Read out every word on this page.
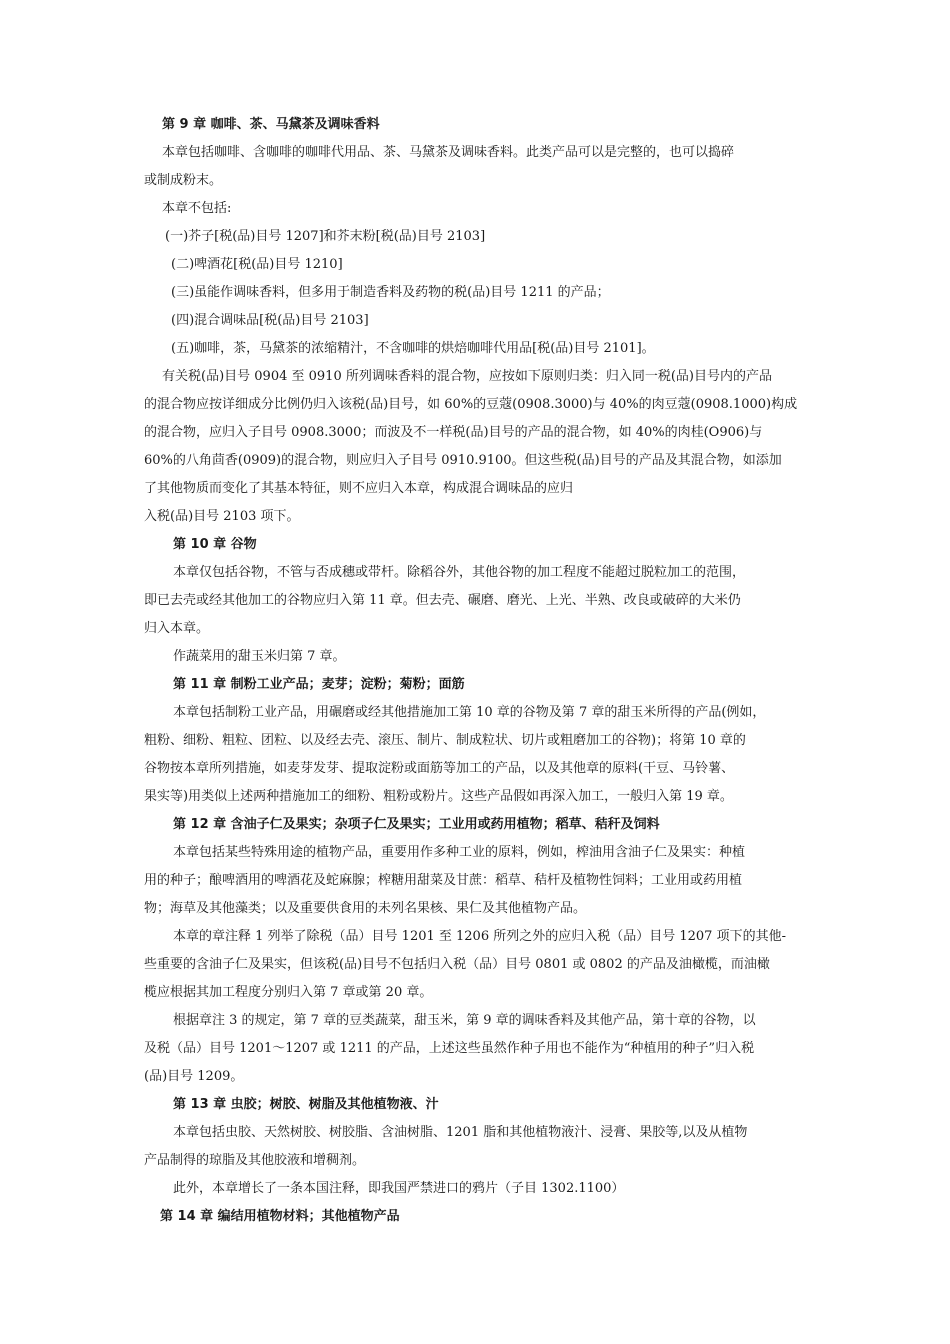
第 9 章 咖啡、茶、马黛茶及调味香料
本章包括咖啡、含咖啡的咖啡代用品、茶、马黛茶及调味香料。此类产品可以是完整的，也可以捣碎
或制成粉末。
本章不包括:
(一)芥子[税(品)目号 1207]和芥末粉[税(品)目号 2103]
(二)啤酒花[税(品)目号 1210]
(三)虽能作调味香料，但多用于制造香料及药物的税(品)目号 1211 的产品；
(四)混合调味品[税(品)目号 2103]
(五)咖啡，茶，马黛茶的浓缩精汁，不含咖啡的烘焙咖啡代用品[税(品)目号 2101]。
有关税(品)目号 0904 至 0910 所列调味香料的混合物，应按如下原则归类：归入同一税(品)目号内的产品
的混合物应按详细成分比例仍归入该税(品)目号，如 60%的豆蔻(0908.3000)与 40%的肉豆蔻(0908.1000)构成
的混合物，应归入子目号 0908.3000；而波及不一样税(品)目号的产品的混合物，如 40%的肉桂(O906)与
60%的八角茴香(0909)的混合物，则应归入子目号 0910.9100。但这些税(品)目号的产品及其混合物，如添加
了其他物质而变化了其基本特征，则不应归入本章，构成混合调味品的应归
入税(品)目号 2103 项下。
第 10 章 谷物
本章仅包括谷物，不管与否成穗或带杆。除稻谷外，其他谷物的加工程度不能超过脱粒加工的范围，
即已去壳或经其他加工的谷物应归入第 11 章。但去壳、碾磨、磨光、上光、半熟、改良或破碎的大米仍
归入本章。
作蔬菜用的甜玉米归第 7 章。
第 11 章 制粉工业产品；麦芽；淀粉；菊粉；面筋
本章包括制粉工业产品，用碾磨或经其他措施加工第 10 章的谷物及第 7 章的甜玉米所得的产品(例如，
粗粉、细粉、粗粒、团粒、以及经去壳、滚压、制片、制成粒状、切片或粗磨加工的谷物)；将第 10 章的
谷物按本章所列措施，如麦芽发芽、提取淀粉或面筋等加工的产品，以及其他章的原料(干豆、马铃薯、
果实等)用类似上述两种措施加工的细粉、粗粉或粉片。这些产品假如再深入加工，一般归入第 19 章。
第 12 章 含油子仁及果实；杂项子仁及果实；工业用或药用植物；稻草、秸秆及饲料
本章包括某些特殊用途的植物产品，重要用作多种工业的原料，例如，榨油用含油子仁及果实：种植
用的种子；酿啤酒用的啤酒花及蛇麻腺；榨糖用甜菜及甘蔗：稻草、秸杆及植物性饲料；工业用或药用植
物；海草及其他藻类；以及重要供食用的未列名果核、果仁及其他植物产品。
本章的章注释 1 列举了除税（品）目号 1201 至 1206 所列之外的应归入税（品）目号 1207 项下的其他-
些重要的含油子仁及果实，但该税(品)目号不包括归入税（品）目号 0801 或 0802 的产品及油橄榄，而油橄
榄应根据其加工程度分别归入第 7 章或第 20 章。
根据章注 3 的规定，第 7 章的豆类蔬菜，甜玉米，第 9 章的调味香料及其他产品，第十章的谷物，以
及税（品）目号 1201～1207 或 1211 的产品，上述这些虽然作种子用也不能作为“种植用的种子”归入税
(品)目号 1209。
第 13 章 虫胶；树胶、树脂及其他植物液、汁
本章包括虫胶、天然树胶、树胶脂、含油树脂、1201 脂和其他植物液汁、浸膏、果胶等,以及从植物
产品制得的琼脂及其他胶液和增稠剂。
此外，本章增长了一条本国注释，即我国严禁进口的鸦片（子目 1302.1100）
第 14 章 编结用植物材料；其他植物产品
